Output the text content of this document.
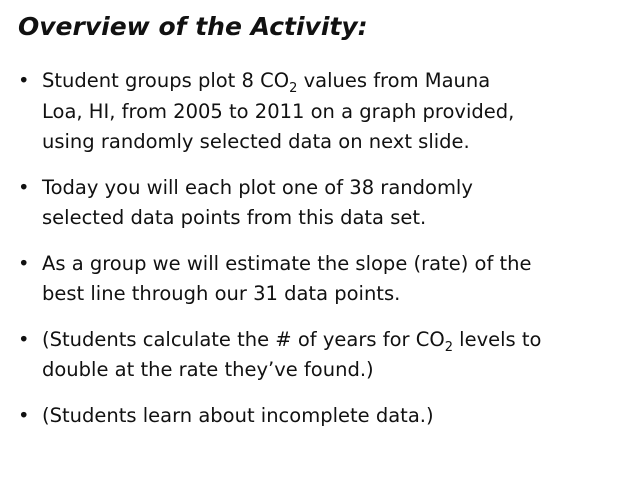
Overview of the Activity:
• Student groups plot 8 $CO_2$ values from Mauna
Loa, HI, from 2005 to 2011 on a graph provided,
using randomly selected data on next slide.
• Today you will each plot one of 38 randomly
selected data points from this data set.
• As a group we will estimate the slope (rate) of the
best line through our 31 data points.
• (Students calculate the # of years for $CO_2$ levels to
double at the rate they’ve found.)
• (Students learn about incomplete data.)
